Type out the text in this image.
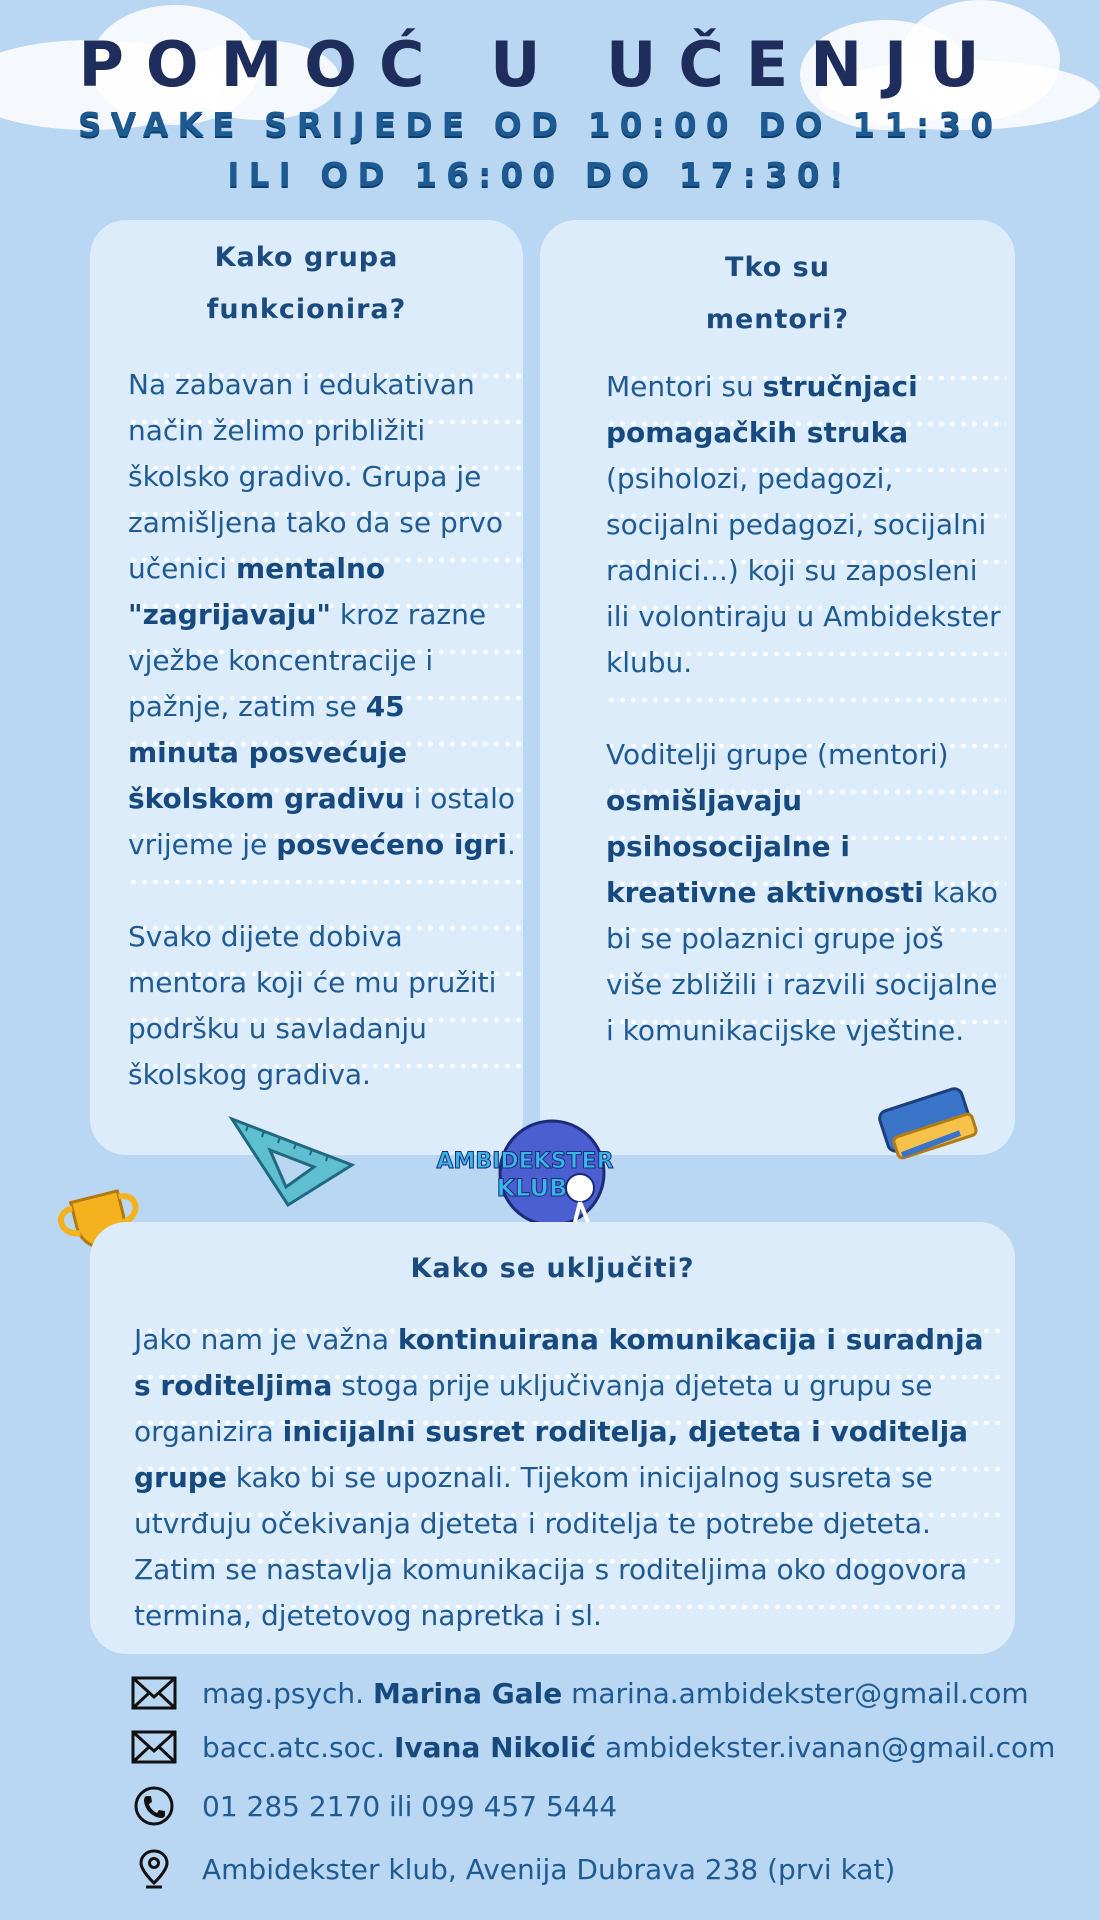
POMOĆ U UČENJU

SVAKE SRIJEDE OD 10:00 DO 11:30

ILI OD 16:00 DO 17:30!

Kako grupa
funkcionira?

Na zabavan i edukativan način želimo približiti školsko gradivo. Grupa je zamišljena tako da se prvo učenici mentalno "zagrijavaju" kroz razne vježbe koncentracije i pažnje, zatim se 45 minuta posvećuje školskom gradivu i ostalo vrijeme je posvećeno igri.

Svako dijete dobiva mentora koji će mu pružiti podršku u savladanju školskog gradiva.

Tko su
mentori?

Mentori su stručnjaci pomagačkih struka (psiholozi, pedagozi, socijalni pedagozi, socijalni radnici...) koji su zaposleni ili volontiraju u Ambidekster klubu.

Voditelji grupe (mentori) osmišljavaju psihosocijalne i kreativne aktivnosti kako bi se polaznici grupe još više zbližili i razvili socijalne i komunikacijske vještine.
AMBIDEKSTER
KLUB

Kako se uključiti?

Jako nam je važna kontinuirana komunikacija i suradnja s roditeljima stoga prije uključivanja djeteta u grupu se organizira inicijalni susret roditelja, djeteta i voditelja grupe kako bi se upoznali. Tijekom inicijalnog susreta se utvrđuju očekivanja djeteta i roditelja te potrebe djeteta. Zatim se nastavlja komunikacija s roditeljima oko dogovora termina, djetetovog napretka i sl.
mag.psych. Marina Gale marina.ambidekster@gmail.com
bacc.atc.soc. Ivana Nikolić ambidekster.ivanan@gmail.com
01 285 2170 ili 099 457 5444
Ambidekster klub, Avenija Dubrava 238 (prvi kat)
